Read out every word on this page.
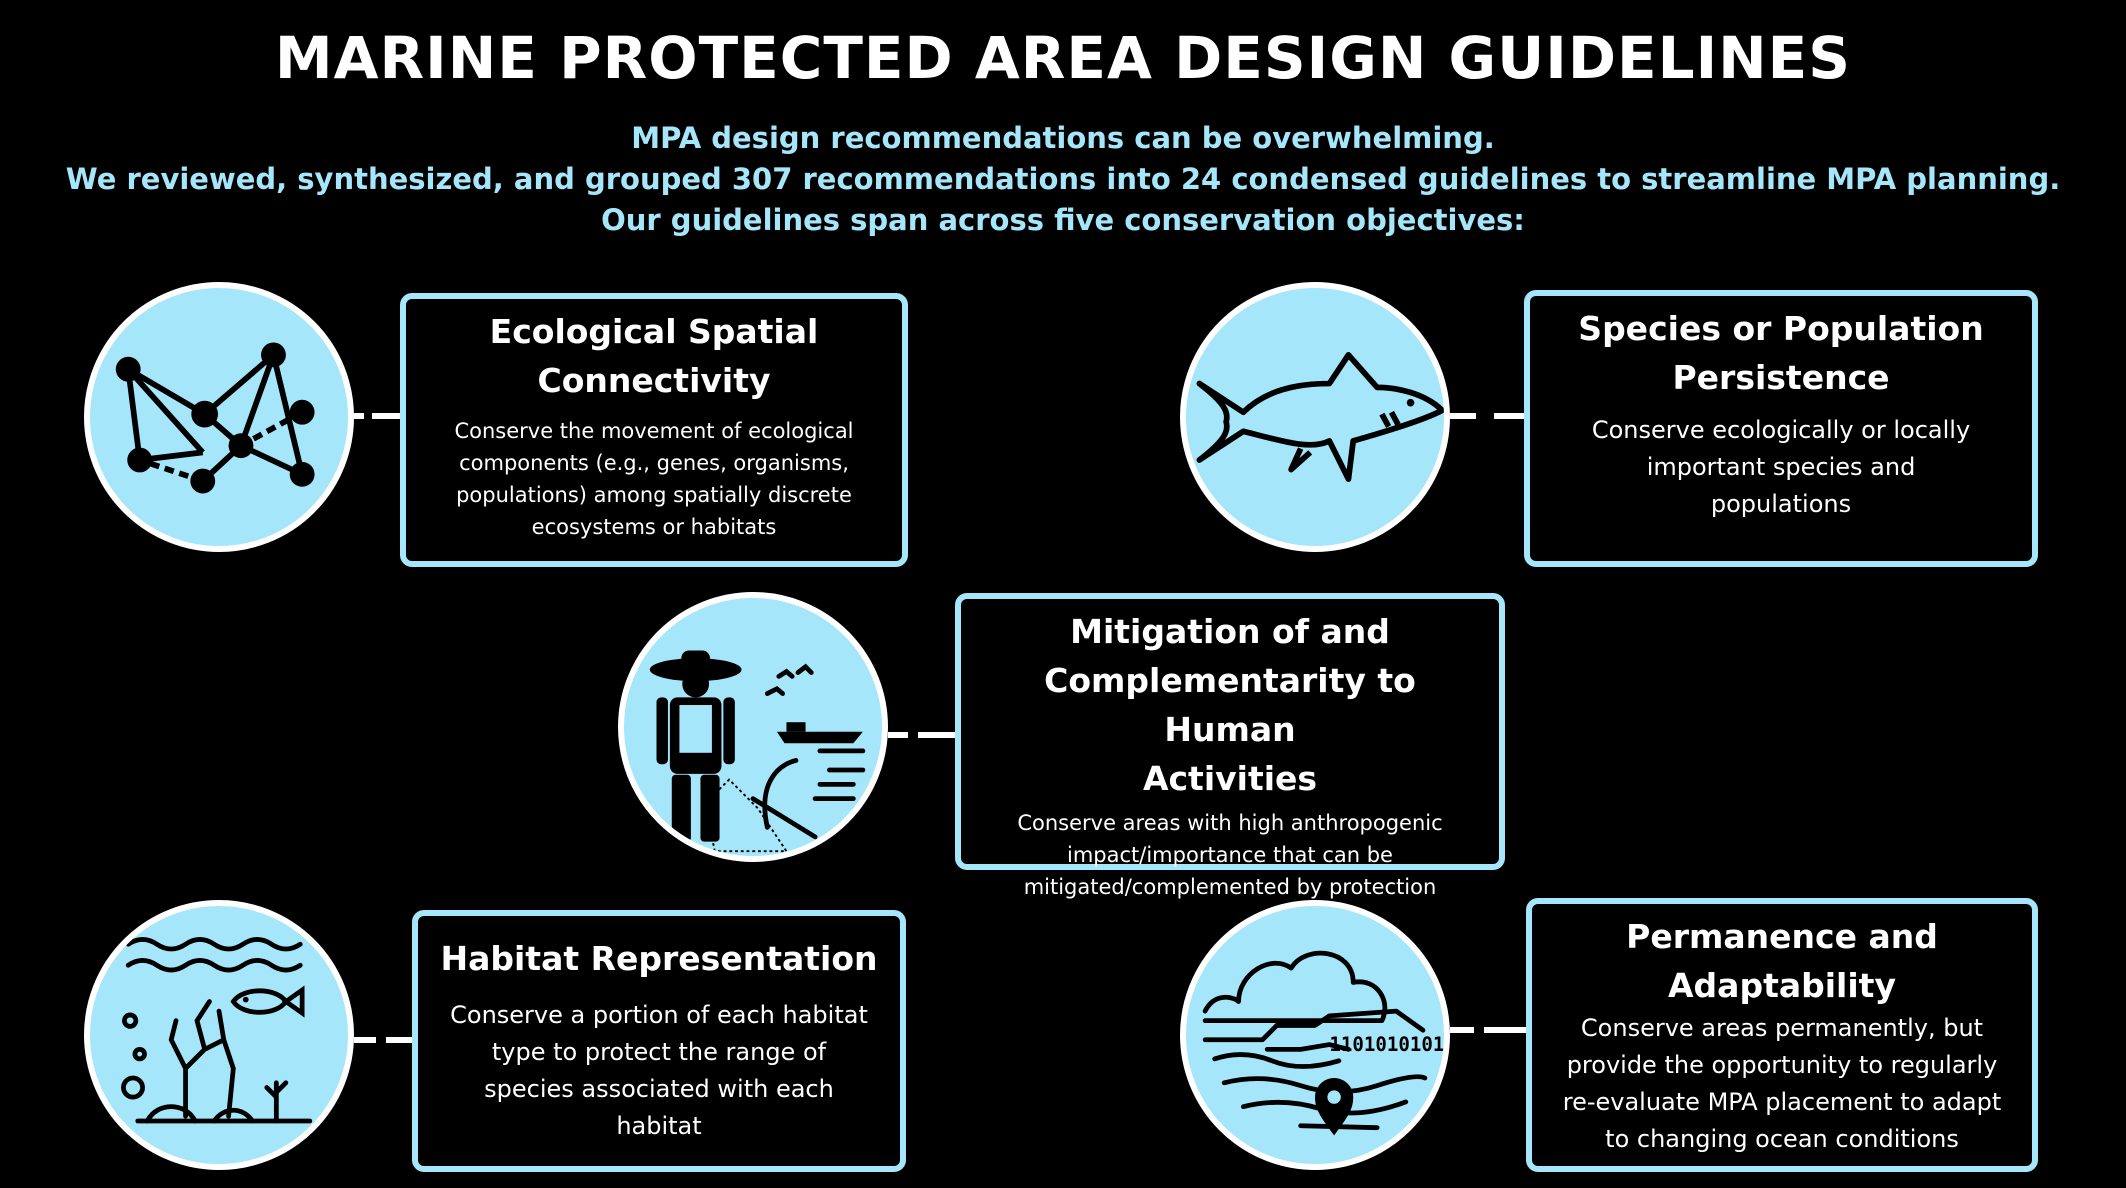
MARINE PROTECTED AREA DESIGN GUIDELINES
MPA design recommendations can be overwhelming.
We reviewed, synthesized, and grouped 307 recommendations into 24 condensed guidelines to streamline MPA planning.
Our guidelines span across five conservation objectives:
Ecological Spatial
Connectivity
Conserve the movement of ecological
components (e.g., genes, organisms,
populations) among spatially discrete
ecosystems or habitats
Species or Population
Persistence
Conserve ecologically or locally
important species and
populations
Mitigation of and
Complementarity to Human
Activities
Conserve areas with high anthropogenic
impact/importance that can be
mitigated/complemented by protection
Habitat Representation
Conserve a portion of each habitat
type to protect the range of
species associated with each
habitat
1101010101
Permanence and
Adaptability
Conserve areas permanently, but
provide the opportunity to regularly
re-evaluate MPA placement to adapt
to changing ocean conditions
